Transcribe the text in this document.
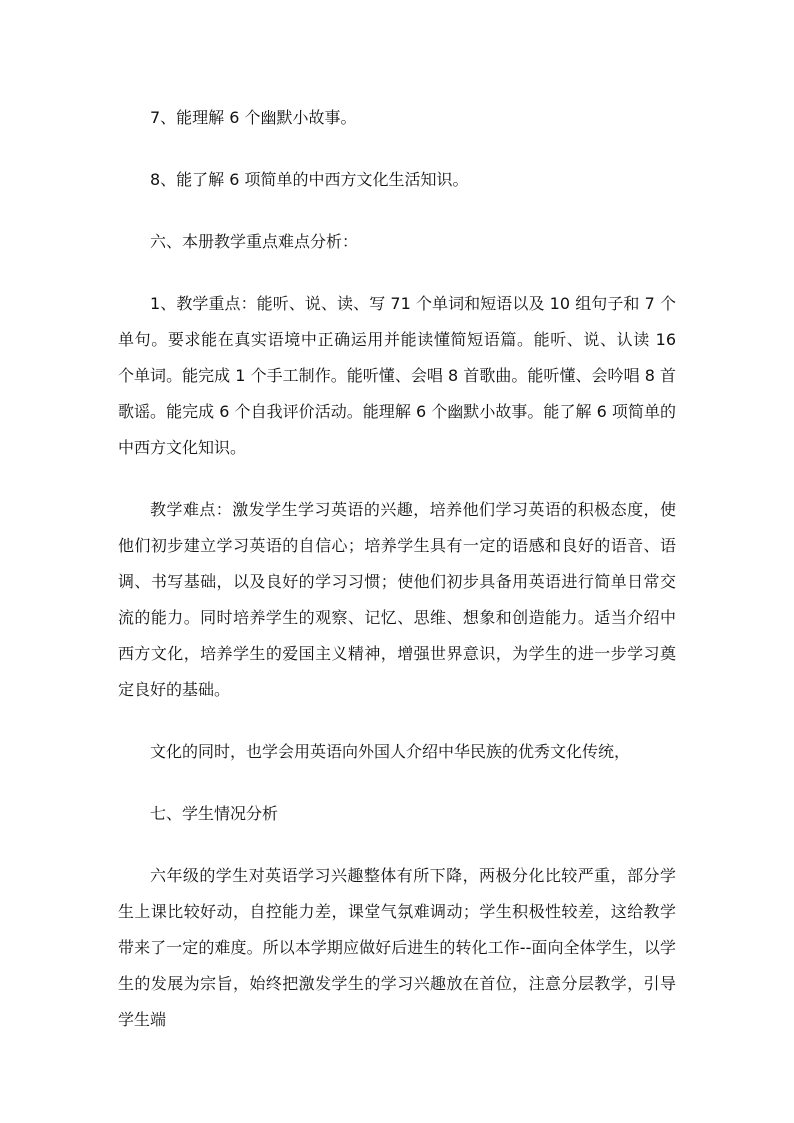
7、能理解 6 个幽默小故事。

8、能了解 6 项简单的中西方文化生活知识。

六、本册教学重点难点分析：

1、教学重点：能听、说、读、写 71 个单词和短语以及 10 组句子和 7 个单句。要求能在真实语境中正确运用并能读懂简短语篇。能听、说、认读 16 个单词。能完成 1 个手工制作。能听懂、会唱 8 首歌曲。能听懂、会吟唱 8 首歌谣。能完成 6 个自我评价活动。能理解 6 个幽默小故事。能了解 6 项简单的中西方文化知识。

教学难点：激发学生学习英语的兴趣，培养他们学习英语的积极态度，使他们初步建立学习英语的自信心；培养学生具有一定的语感和良好的语音、语调、书写基础，以及良好的学习习惯；使他们初步具备用英语进行简单日常交流的能力。同时培养学生的观察、记忆、思维、想象和创造能力。适当介绍中西方文化，培养学生的爱国主义精神，增强世界意识，为学生的进一步学习奠定良好的基础。

文化的同时，也学会用英语向外国人介绍中华民族的优秀文化传统，

七、学生情况分析

六年级的学生对英语学习兴趣整体有所下降，两极分化比较严重，部分学生上课比较好动，自控能力差，课堂气氛难调动；学生积极性较差，这给教学带来了一定的难度。所以本学期应做好后进生的转化工作--面向全体学生，以学生的发展为宗旨，始终把激发学生的学习兴趣放在首位，注意分层教学，引导学生端
